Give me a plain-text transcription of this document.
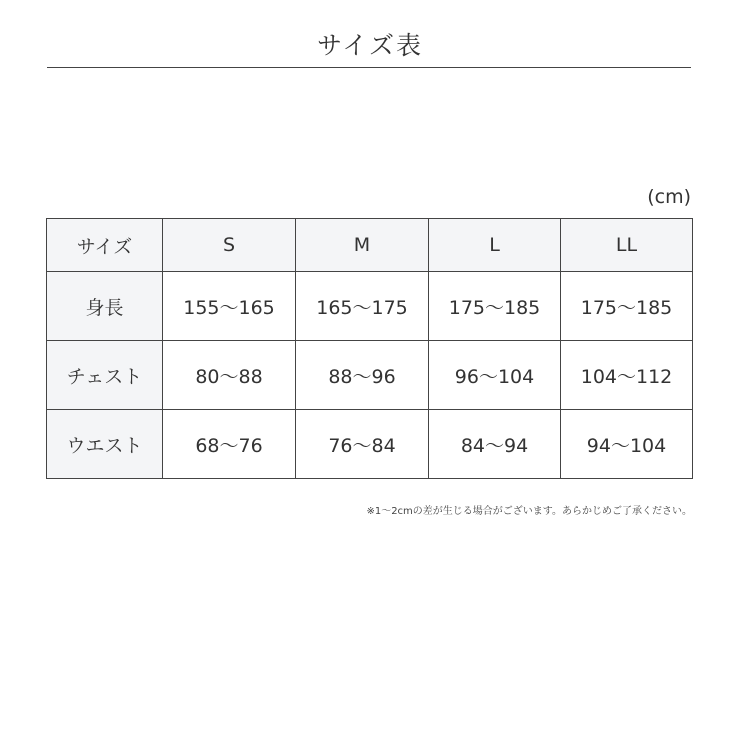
サイズ表
(cm)
サイズ	S	M	L	LL
身長	155〜165	165〜175	175〜185	175〜185
チェスト	80〜88	88〜96	96〜104	104〜112
ウエスト	68〜76	76〜84	84〜94	94〜104
※1〜2cmの差が生じる場合がございます。あらかじめご了承ください。
